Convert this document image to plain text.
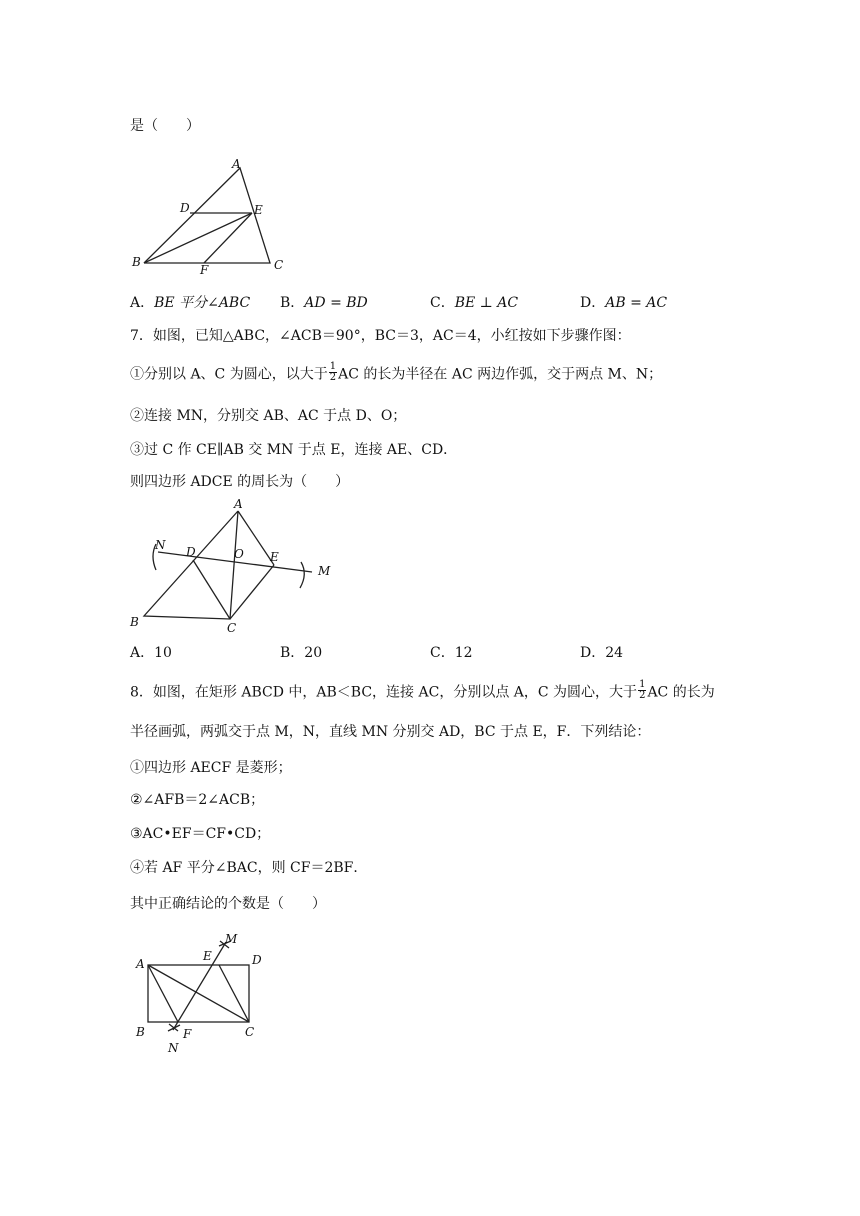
是（　　）
A
D	E
B
F	C
A．BE 平分∠ABC B．AD = BD	C．BE ⊥ AC	D．AB = AC
7．如图，已知△ABC，∠ACB＝90°，BC＝3，AC＝4，小红按如下步骤作图：
①分别以 A、C 为圆心，以大于 $\frac{1}{2}$ AC 的长为半径在 AC 两边作弧，交于两点 M、N；
②连接 MN，分别交 AB、AC 于点 D、O；
③过 C 作 CE∥AB 交 MN 于点 E，连接 AE、CD．
则四边形 ADCE 的周长为（　　）
A
N D	O E
M
B	C
A．10	B．20	C．12	D．24
8．如图，在矩形 ABCD 中，AB＜BC，连接 AC，分别以点 A，C 为圆心，大于 $\frac{1}{2}$ AC 的长为
半径画弧，两弧交于点 M，N，直线 MN 分别交 AD，BC 于点 E，F．下列结论：
①四边形 AECF 是菱形；
②∠AFB＝2∠ACB；
③AC•EF＝CF•CD；
④若 AF 平分∠BAC，则 CF＝2BF．
其中正确结论的个数是（　　）
A
E
M
D
B	F
N
C
